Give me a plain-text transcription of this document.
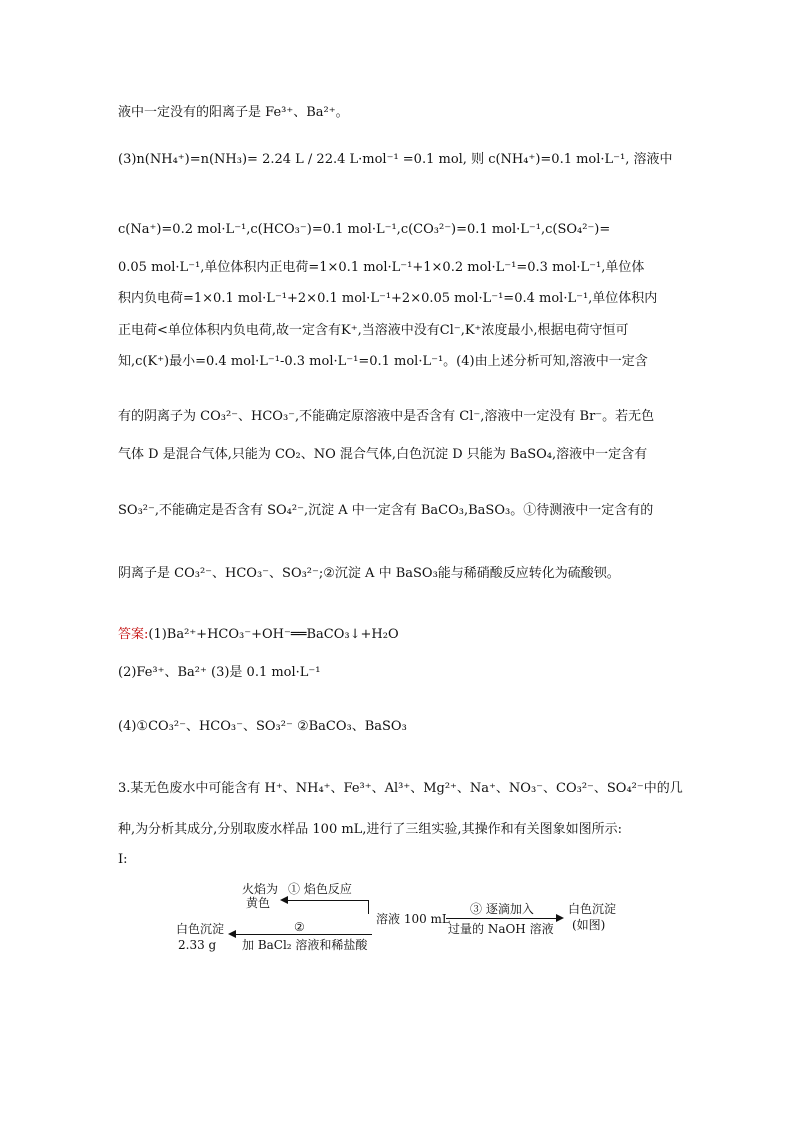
液中一定没有的阳离子是 Fe³⁺、Ba²⁺。
(3)n(NH₄⁺)=n(NH₃)= 2.24 L / 22.4 L·mol⁻¹ =0.1 mol, 则 c(NH₄⁺)=0.1 mol·L⁻¹, 溶液中
c(Na⁺)=0.2 mol·L⁻¹,c(HCO₃⁻)=0.1 mol·L⁻¹,c(CO₃²⁻)=0.1 mol·L⁻¹,c(SO₄²⁻)=
0.05 mol·L⁻¹,单位体积内正电荷=1×0.1 mol·L⁻¹+1×0.2 mol·L⁻¹=0.3 mol·L⁻¹,单位体
积内负电荷=1×0.1 mol·L⁻¹+2×0.1 mol·L⁻¹+2×0.05 mol·L⁻¹=0.4 mol·L⁻¹,单位体积内
正电荷<单位体积内负电荷,故一定含有K⁺,当溶液中没有Cl⁻,K⁺浓度最小,根据电荷守恒可
知,c(K⁺)最小=0.4 mol·L⁻¹-0.3 mol·L⁻¹=0.1 mol·L⁻¹。(4)由上述分析可知,溶液中一定含
有的阴离子为 CO₃²⁻、HCO₃⁻,不能确定原溶液中是否含有 Cl⁻,溶液中一定没有 Br⁻。若无色
气体 D 是混合气体,只能为 CO₂、NO 混合气体,白色沉淀 D 只能为 BaSO₄,溶液中一定含有
SO₃²⁻,不能确定是否含有 SO₄²⁻,沉淀 A 中一定含有 BaCO₃,BaSO₃。①待测液中一定含有的
阴离子是 CO₃²⁻、HCO₃⁻、SO₃²⁻;②沉淀 A 中 BaSO₃能与稀硝酸反应转化为硫酸钡。
答案:(1)Ba²⁺+HCO₃⁻+OH⁻══BaCO₃↓+H₂O
(2)Fe³⁺、Ba²⁺ (3)是 0.1 mol·L⁻¹
(4)①CO₃²⁻、HCO₃⁻、SO₃²⁻ ②BaCO₃、BaSO₃
3.某无色废水中可能含有 H⁺、NH₄⁺、Fe³⁺、Al³⁺、Mg²⁺、Na⁺、NO₃⁻、CO₃²⁻、SO₄²⁻中的几
种,为分析其成分,分别取废水样品 100 mL,进行了三组实验,其操作和有关图象如图所示:
Ⅰ:
火焰为
黄色
① 焰色反应
溶液 100 mL
③ 逐滴加入
过量的 NaOH 溶液
白色沉淀
(如图)
白色沉淀
2.33 g
②
加 BaCl₂ 溶液和稀盐酸
